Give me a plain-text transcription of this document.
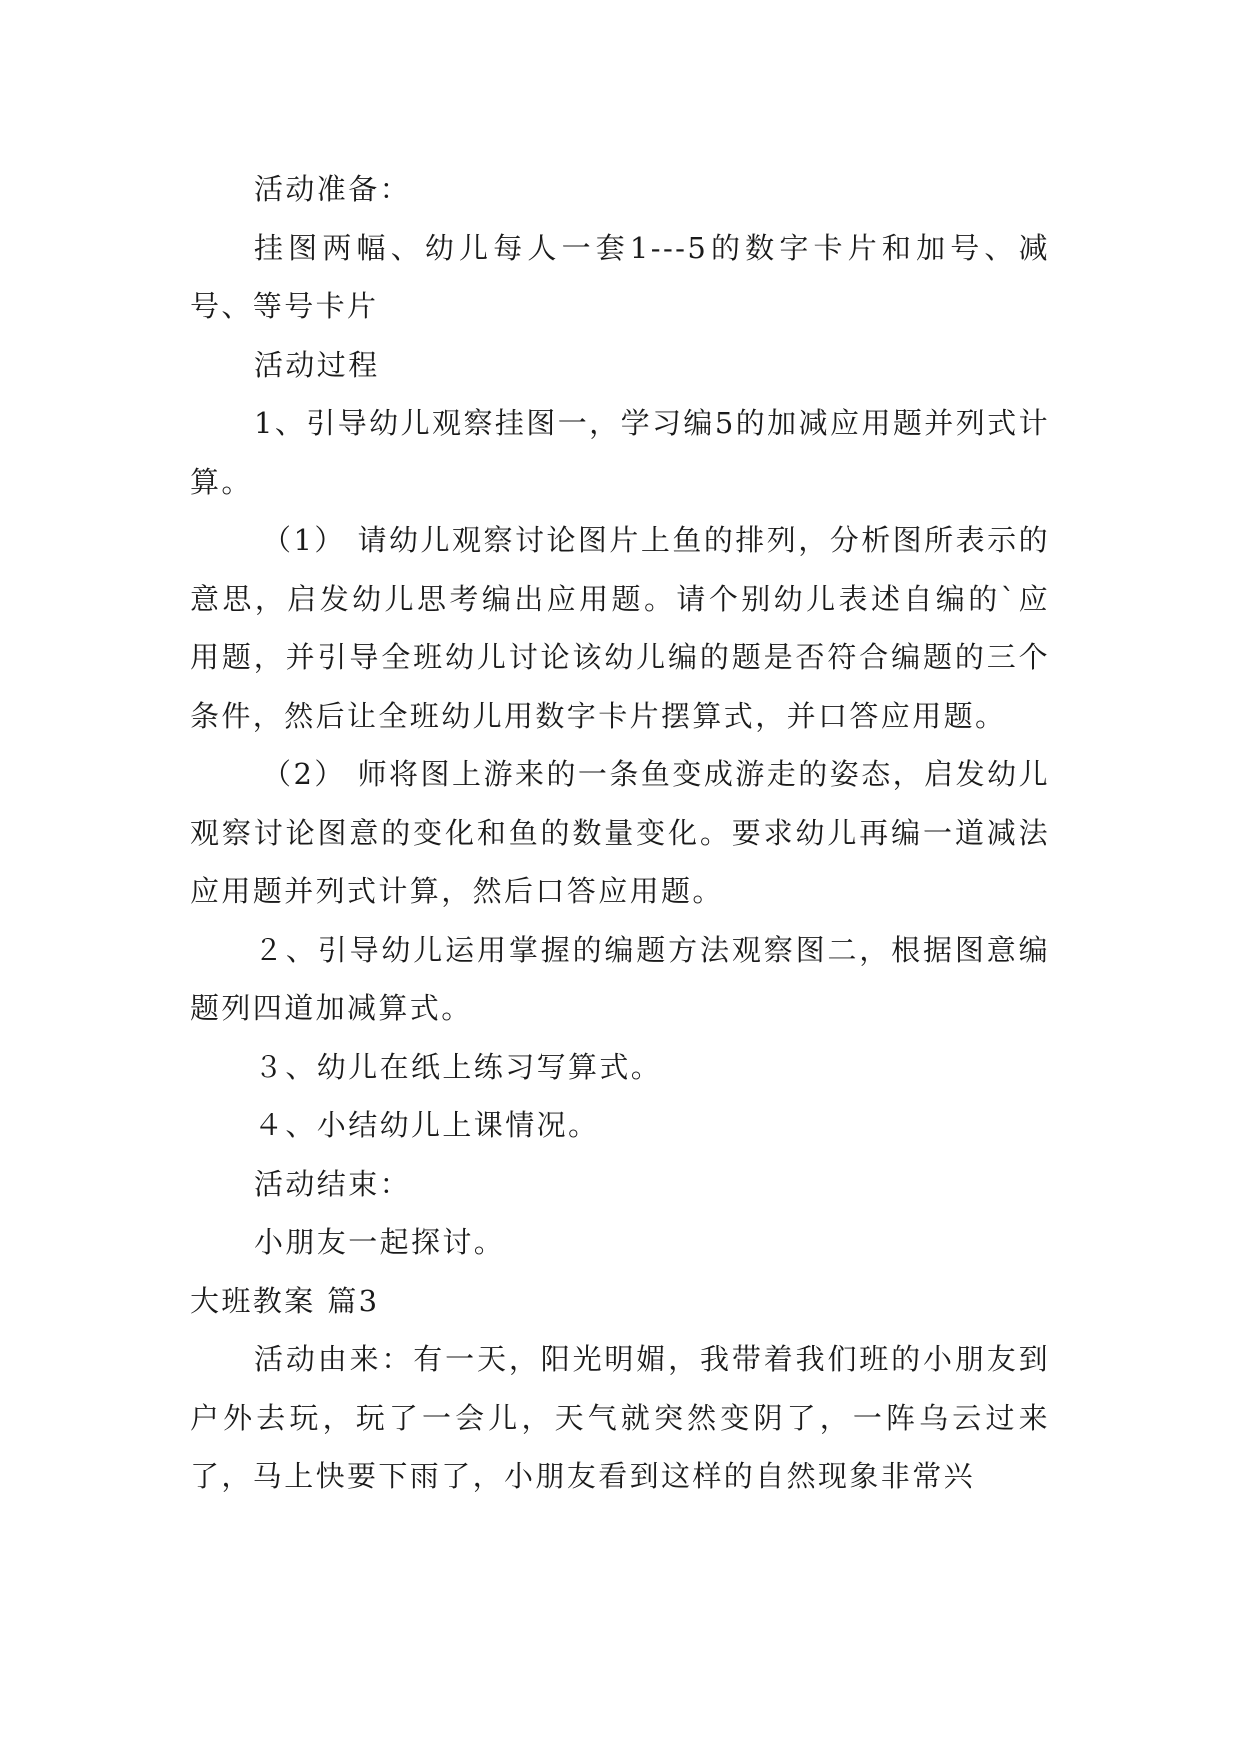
活动准备：

挂图两幅、幼儿每人一套1---5的数字卡片和加号、减号、等号卡片

活动过程

1、引导幼儿观察挂图一，学习编5的加减应用题并列式计算。

（1） 请幼儿观察讨论图片上鱼的排列，分析图所表示的意思，启发幼儿思考编出应用题。请个别幼儿表述自编的`应用题，并引导全班幼儿讨论该幼儿编的题是否符合编题的三个条件，然后让全班幼儿用数字卡片摆算式，并口答应用题。

（2） 师将图上游来的一条鱼变成游走的姿态，启发幼儿观察讨论图意的变化和鱼的数量变化。要求幼儿再编一道减法应用题并列式计算，然后口答应用题。

２、引导幼儿运用掌握的编题方法观察图二，根据图意编题列四道加减算式。

３、幼儿在纸上练习写算式。

４、小结幼儿上课情况。

活动结束：

小朋友一起探讨。

大班教案 篇3

活动由来：有一天，阳光明媚，我带着我们班的小朋友到户外去玩，玩了一会儿，天气就突然变阴了，一阵乌云过来了，马上快要下雨了，小朋友看到这样的自然现象非常兴
